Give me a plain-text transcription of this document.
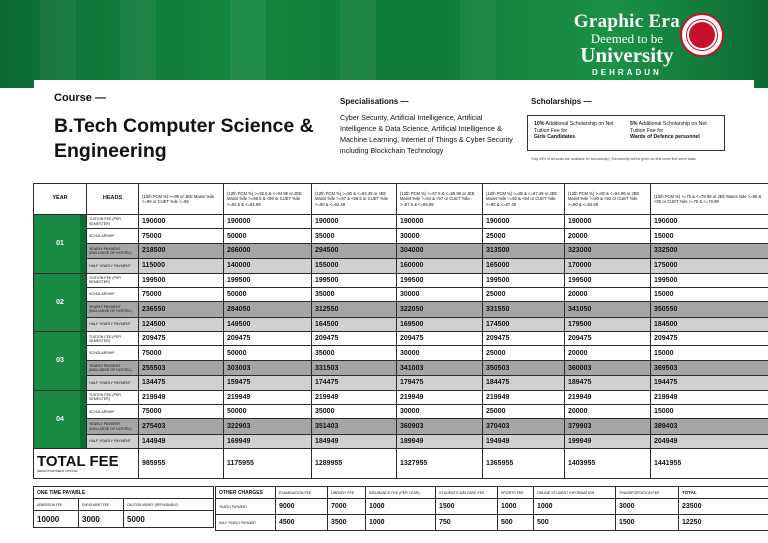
Graphic Era
Deemed to be
University
DEHRADUN
Course —
B.Tech Computer Science & Engineering
Specialisations —
Cyber Security, Artificial Intelligence, Artificial Intelligence & Data Science, Artificial Intelligence & Machine Learning, Internet of Things & Cyber Security including Blockchain Technology
Scholarships —
10% Additional Scholarship on Net Tuition Fee for
Girls Candidates
5% Additional Scholarship on Net Tuition Fee for
Wards of Defence personnel
Only 25% of all seats are available for scholarship | Scholarship will be given on first come first serve basis
YEAR	HEADS	(12th PCM %) >=95 or JEE Mains %ile >=99 or CUET %ile >=95	(12th PCM %) >=92.5 & <=94.99 or JEE Mains %ile >=98.5 & <99 or CUET %ile >=92.5 & <=94.99	(12th PCM %) >=90 & <=92.49 or JEE Mains %ile >=97 & <98.5 or CUET %ile >=90 & <=92.49	(12th PCM %) >=87.5 & <=89.99 or JEE Mains %ile >=94 & <97 or CUET %ile >=87.5 & <=89.99	(12th PCM %) >=85 & <=87.49 or JEE Mains %ile >=92 & <94 or CUET %ile >=85 & <=87.49	(12th PCM %) >=80 & <=84.99 or JEE Mains %ile >=90 & <92 or CUET %ile >=80 & <=84.99	(12th PCM %) >=75 & <=79.99 or JEE Mains %ile >=85 & <90 or CUET %ile >=75 & <=79.99
01	TUITION FEE (PER SEMESTER)	190000	190000	190000	190000	190000	190000	190000
	SCHOLARSHIP	75000	50000	35000	30000	25000	20000	15000
	YEARLY PAYMENT (INCLUSIVE OF HOSTEL)	218500	266000	294500	304000	313500	323000	332500
	HALF YEARLY PAYMENT	115000	140000	155000	160000	165000	170000	175000
02	TUITION FEE (PER SEMESTER)	199500	199500	199500	199500	199500	199500	199500
	SCHOLARSHIP	75000	50000	35000	30000	25000	20000	15000
	YEARLY PAYMENT (INCLUSIVE OF HOSTEL)	236550	284050	312550	322050	331550	341050	350550
	HALF YEARLY PAYMENT	124500	149500	164500	169500	174500	179500	184500
03	TUITION FEE (PER SEMESTER)	209475	209475	209475	209475	209475	209475	209475
	SCHOLARSHIP	75000	50000	35000	30000	25000	20000	15000
	YEARLY PAYMENT (INCLUSIVE OF HOSTEL)	255503	303003	331503	341003	350503	360003	369503
	HALF YEARLY PAYMENT	134475	159475	174475	179475	184475	189475	194475
04	TUITION FEE (PER SEMESTER)	219949	219949	219949	219949	219949	219949	219949
	SCHOLARSHIP	75000	50000	35000	30000	25000	20000	15000
	YEARLY PAYMENT (INCLUSIVE OF HOSTEL)	275403	322903	351403	360903	370403	379903	389403
	HALF YEARLY PAYMENT	144949	169949	184949	189949	194949	199949	204949
TOTAL FEE
(RESULT/PAYMENT OPTION)		985955	1175955	1289955	1327955	1365955	1403955	1441955
ONE TIME PAYABLE		
ADMISSION FEE	ENROLMENT FEE	CAUTION MONEY (REFUNDABLE)
10000	3000	5000
OTHER CHARGES	EXAMINATION FEE	LIBRARY FEE	INSURANCE FEE (PER YEAR)	STUDENTS WELFARE FEE	SPORTS FEE	ONLINE STUDENT INFORMATION	TRANSPORTATION FEE	TOTAL
YEARLY PAYMENT	9000	7000	1000	1500	1000	1000	3000	23500
HALF YEARLY PAYMENT	4500	3500	1000	750	500	500	1500	12250
